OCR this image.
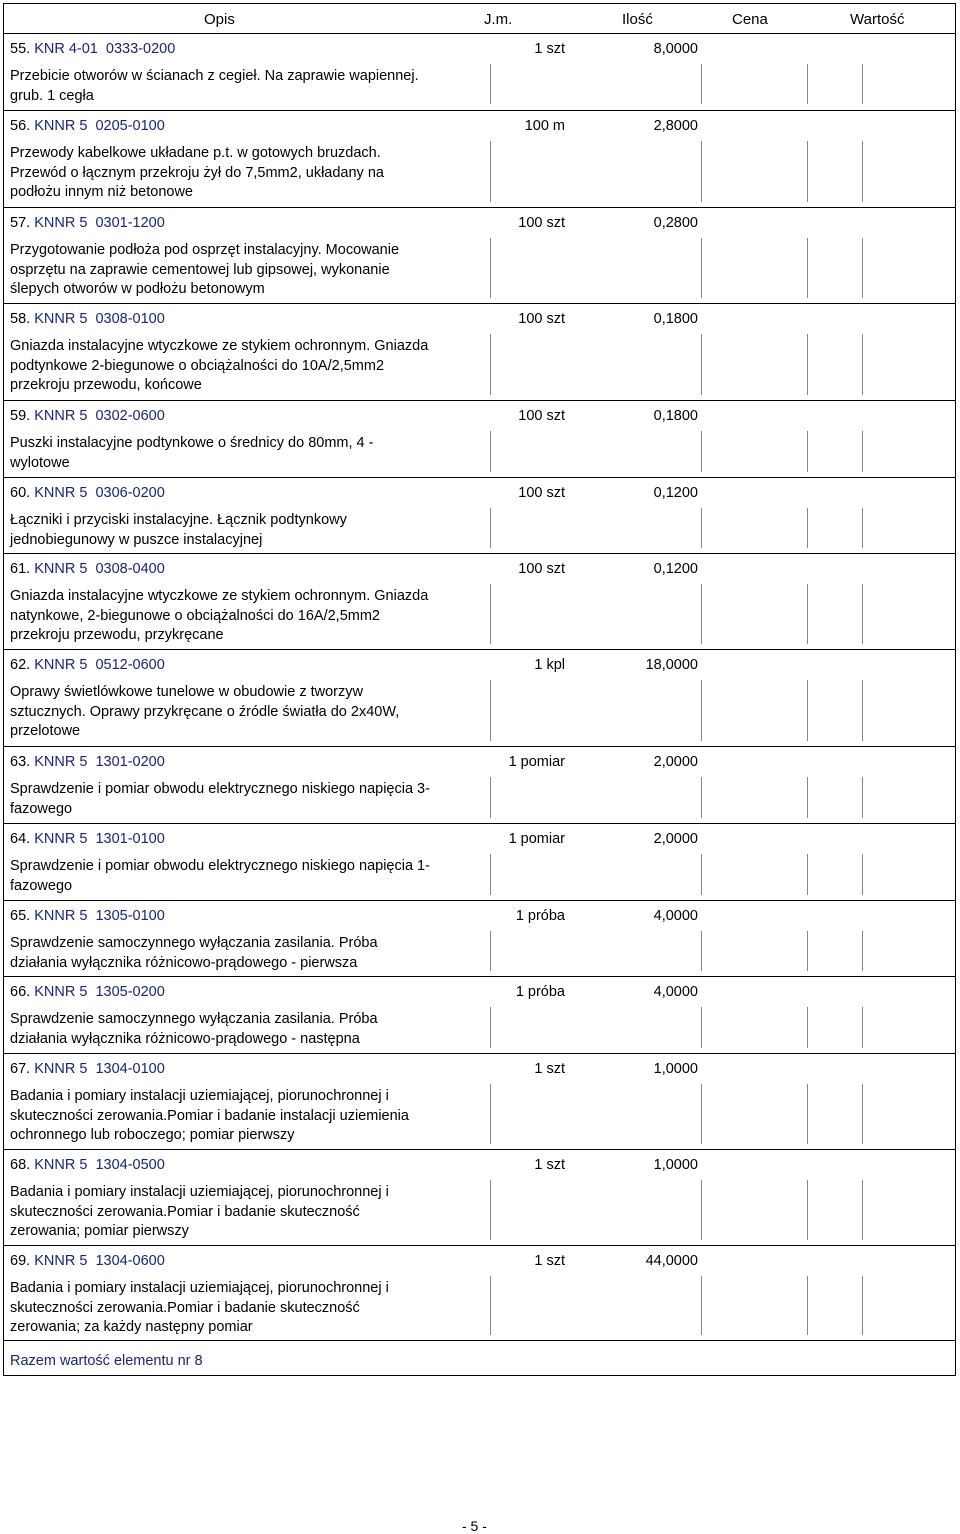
Opis	J.m.	Ilość	Cena	Wartość
55. KNR 4-01  0333-0200	1 szt	8,0000
Przebicie otworów w ścianach z cegieł. Na zaprawie wapiennej. grub. 1 cegła
56. KNNR 5  0205-0100	100 m	2,8000
Przewody kabelkowe układane p.t. w gotowych bruzdach. Przewód o łącznym przekroju żył do 7,5mm2, układany na podłożu innym niż betonowe
57. KNNR 5  0301-1200	100 szt	0,2800
Przygotowanie podłoża pod osprzęt instalacyjny. Mocowanie osprzętu na zaprawie cementowej lub gipsowej, wykonanie ślepych otworów w podłożu betonowym
58. KNNR 5  0308-0100	100 szt	0,1800
Gniazda instalacyjne wtyczkowe ze stykiem ochronnym. Gniazda podtynkowe 2-biegunowe o obciążalności do 10A/2,5mm2 przekroju przewodu, końcowe
59. KNNR 5  0302-0600	100 szt	0,1800
Puszki instalacyjne podtynkowe o średnicy do 80mm, 4 - wylotowe
60. KNNR 5  0306-0200	100 szt	0,1200
Łączniki i przyciski instalacyjne. Łącznik podtynkowy jednobiegunowy w puszce instalacyjnej
61. KNNR 5  0308-0400	100 szt	0,1200
Gniazda instalacyjne wtyczkowe ze stykiem ochronnym. Gniazda natynkowe, 2-biegunowe o obciążalności do 16A/2,5mm2 przekroju przewodu, przykręcane
62. KNNR 5  0512-0600	1 kpl	18,0000
Oprawy świetlówkowe tunelowe w obudowie z tworzyw sztucznych. Oprawy przykręcane o źródle światła do 2x40W, przelotowe
63. KNNR 5  1301-0200	1 pomiar	2,0000
Sprawdzenie i pomiar obwodu elektrycznego niskiego napięcia 3-fazowego
64. KNNR 5  1301-0100	1 pomiar	2,0000
Sprawdzenie i pomiar obwodu elektrycznego niskiego napięcia 1-fazowego
65. KNNR 5  1305-0100	1 próba	4,0000
Sprawdzenie samoczynnego wyłączania zasilania. Próba działania wyłącznika różnicowo-prądowego - pierwsza
66. KNNR 5  1305-0200	1 próba	4,0000
Sprawdzenie samoczynnego wyłączania zasilania. Próba działania wyłącznika różnicowo-prądowego - następna
67. KNNR 5  1304-0100	1 szt	1,0000
Badania i pomiary instalacji uziemiającej, piorunochronnej i skuteczności zerowania.Pomiar i badanie instalacji uziemienia ochronnego lub roboczego; pomiar pierwszy
68. KNNR 5  1304-0500	1 szt	1,0000
Badania i pomiary instalacji uziemiającej, piorunochronnej i skuteczności zerowania.Pomiar i badanie skuteczność zerowania; pomiar pierwszy
69. KNNR 5  1304-0600	1 szt	44,0000
Badania i pomiary instalacji uziemiającej, piorunochronnej i skuteczności zerowania.Pomiar i badanie skuteczność zerowania; za każdy następny pomiar
Razem wartość elementu nr 8
- 5 -
